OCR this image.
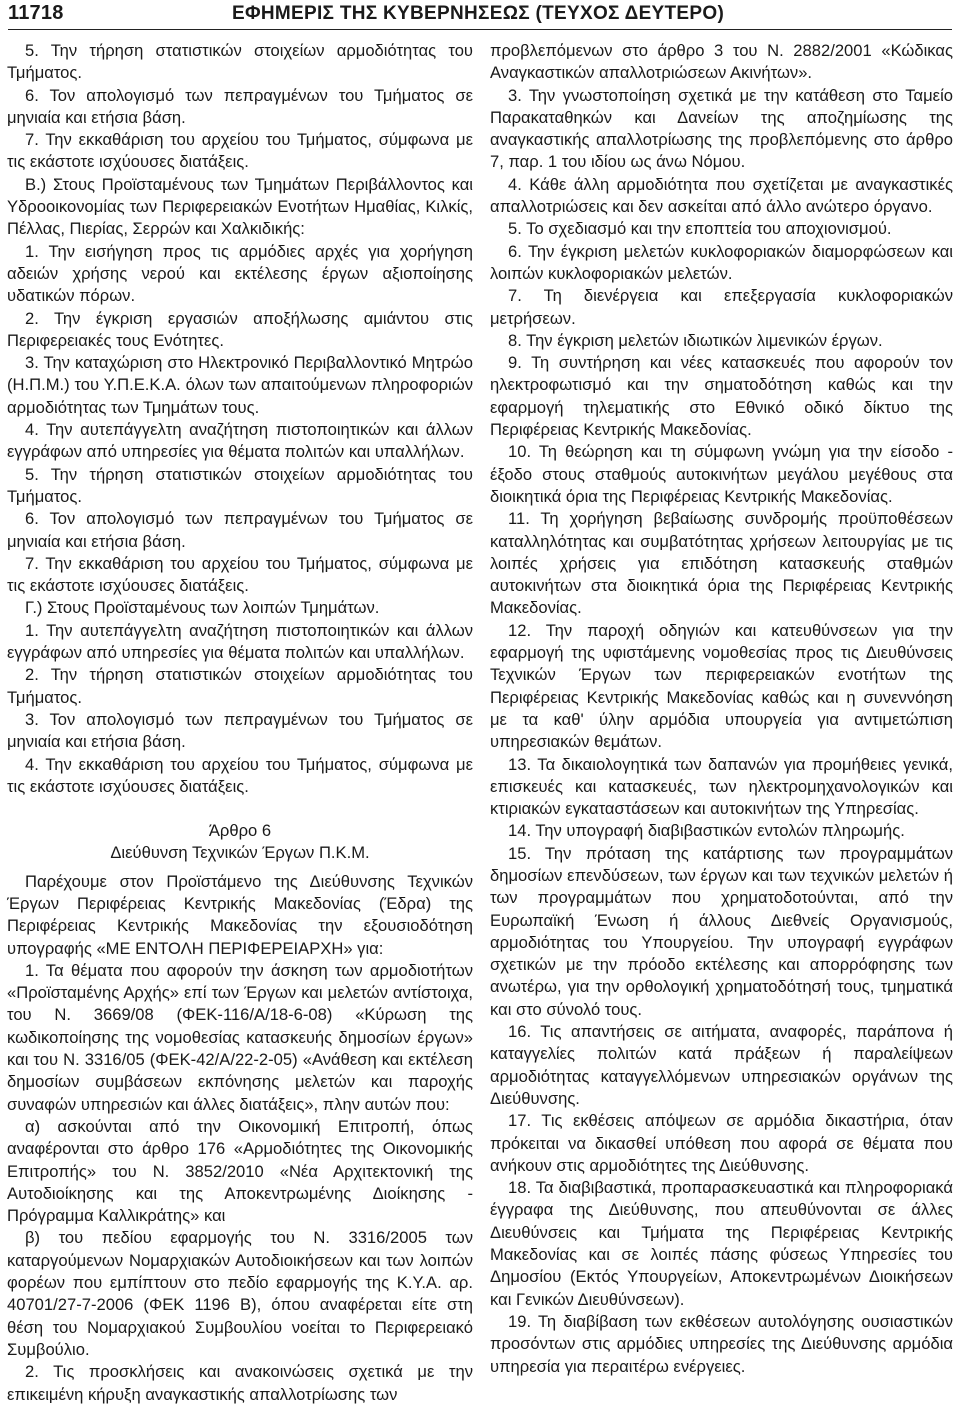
11718	ΕΦΗΜΕΡΙΣ ΤΗΣ ΚΥΒΕΡΝΗΣΕΩΣ (ΤΕΥΧΟΣ ΔΕΥΤΕΡΟ)

5. Την τήρηση στατιστικών στοιχείων αρμοδιότητας του Τμήματος.

6. Τον απολογισμό των πεπραγμένων του Τμήματος σε μηνιαία και ετήσια βάση.

7. Την εκκαθάριση του αρχείου του Τμήματος, σύμφωνα με τις εκάστοτε ισχύουσες διατάξεις.

Β.) Στους Προϊσταμένους των Τμημάτων Περιβάλλοντος και Υδροοικονομίας των Περιφερειακών Ενοτήτων Ημαθίας, Κιλκίς, Πέλλας, Πιερίας, Σερρών και Χαλκιδικής:

1. Την εισήγηση προς τις αρμόδιες αρχές για χορήγηση αδειών χρήσης νερού και εκτέλεσης έργων αξιοποίησης υδατικών πόρων.

2. Την έγκριση εργασιών αποξήλωσης αμιάντου στις Περιφερειακές τους Ενότητες.

3. Την καταχώριση στο Ηλεκτρονικό Περιβαλλοντικό Μητρώο (Η.Π.Μ.) του Υ.Π.Ε.Κ.Α. όλων των απαιτούμενων πληροφοριών αρμοδιότητας των Τμημάτων τους.

4. Την αυτεπάγγελτη αναζήτηση πιστοποιητικών και άλλων εγγράφων από υπηρεσίες για θέματα πολιτών και υπαλλήλων.

5. Την τήρηση στατιστικών στοιχείων αρμοδιότητας του Τμήματος.

6. Τον απολογισμό των πεπραγμένων του Τμήματος σε μηνιαία και ετήσια βάση.

7. Την εκκαθάριση του αρχείου του Τμήματος, σύμφωνα με τις εκάστοτε ισχύουσες διατάξεις.

Γ.) Στους Προϊσταμένους των λοιπών Τμημάτων.

1. Την αυτεπάγγελτη αναζήτηση πιστοποιητικών και άλλων εγγράφων από υπηρεσίες για θέματα πολιτών και υπαλλήλων.

2. Την τήρηση στατιστικών στοιχείων αρμοδιότητας του Τμήματος.

3. Τον απολογισμό των πεπραγμένων του Τμήματος σε μηνιαία και ετήσια βάση.

4. Την εκκαθάριση του αρχείου του Τμήματος, σύμφωνα με τις εκάστοτε ισχύουσες διατάξεις.

Άρθρο 6

Διεύθυνση Τεχνικών Έργων Π.Κ.Μ.

Παρέχουμε στον Προϊστάμενο της Διεύθυνσης Τεχνικών Έργων Περιφέρειας Κεντρικής Μακεδονίας (Έδρα) της Περιφέρειας Κεντρικής Μακεδονίας την εξουσιοδότηση υπογραφής «ΜΕ ΕΝΤΟΛΗ ΠΕΡΙΦΕΡΕΙΑΡΧΗ» για:

1. Τα θέματα που αφορούν την άσκηση των αρμοδιοτήτων «Προϊσταμένης Αρχής» επί των Έργων και μελετών αντίστοιχα, του Ν. 3669/08 (ΦΕΚ-116/Α/18-6-08) «Κύρωση της κωδικοποίησης της νομοθεσίας κατασκευής δημοσίων έργων» και του Ν. 3316/05 (ΦΕΚ-42/Α/22-2-05) «Ανάθεση και εκτέλεση δημοσίων συμβάσεων εκπόνησης μελετών και παροχής συναφών υπηρεσιών και άλλες διατάξεις», πλην αυτών που:

α) ασκούνται από την Οικονομική Επιτροπή, όπως αναφέρονται στο άρθρο 176 «Αρμοδιότητες της Οικονομικής Επιτροπής» του Ν. 3852/2010 «Νέα Αρχιτεκτονική της Αυτοδιοίκησης και της Αποκεντρωμένης Διοίκησης - Πρόγραμμα Καλλικράτης» και

β) του πεδίου εφαρμογής του Ν. 3316/2005 των καταργούμενων Νομαρχιακών Αυτοδιοικήσεων και των λοιπών φορέων που εμπίπτουν στο πεδίο εφαρμογής της Κ.Υ.Α. αρ. 40701/27-7-2006 (ΦΕΚ 1196 Β), όπου αναφέρεται είτε στη θέση του Νομαρχιακού Συμβουλίου νοείται το Περιφερειακό Συμβούλιο.

2. Τις προσκλήσεις και ανακοινώσεις σχετικά με την επικειμένη κήρυξη αναγκαστικής απαλλοτρίωσης των

προβλεπόμενων στο άρθρο 3 του Ν. 2882/2001 «Κώδικας Αναγκαστικών απαλλοτριώσεων Ακινήτων».

3. Την γνωστοποίηση σχετικά με την κατάθεση στο Ταμείο Παρακαταθηκών και Δανείων της αποζημίωσης της αναγκαστικής απαλλοτρίωσης της προβλεπόμενης στο άρθρο 7, παρ. 1 του ιδίου ως άνω Νόμου.

4. Κάθε άλλη αρμοδιότητα που σχετίζεται με αναγκαστικές απαλλοτριώσεις και δεν ασκείται από άλλο ανώτερο όργανο.

5. Το σχεδιασμό και την εποπτεία του αποχιονισμού.

6. Την έγκριση μελετών κυκλοφοριακών διαμορφώσεων και λοιπών κυκλοφοριακών μελετών.

7. Τη διενέργεια και επεξεργασία κυκλοφοριακών μετρήσεων.

8. Την έγκριση μελετών ιδιωτικών λιμενικών έργων.

9. Τη συντήρηση και νέες κατασκευές που αφορούν τον ηλεκτροφωτισμό και την σηματοδότηση καθώς και την εφαρμογή τηλεματικής στο Εθνικό οδικό δίκτυο της Περιφέρειας Κεντρικής Μακεδονίας.

10. Τη θεώρηση και τη σύμφωνη γνώμη για την είσοδο - έξοδο στους σταθμούς αυτοκινήτων μεγάλου μεγέθους στα διοικητικά όρια της Περιφέρειας Κεντρικής Μακεδονίας.

11. Τη χορήγηση βεβαίωσης συνδρομής προϋποθέσεων καταλληλότητας και συμβατότητας χρήσεων λειτουργίας με τις λοιπές χρήσεις για επιδότηση κατασκευής σταθμών αυτοκινήτων στα διοικητικά όρια της Περιφέρειας Κεντρικής Μακεδονίας.

12. Την παροχή οδηγιών και κατευθύνσεων για την εφαρμογή της υφιστάμενης νομοθεσίας προς τις Διευθύνσεις Τεχνικών Έργων των περιφερειακών ενοτήτων της Περιφέρειας Κεντρικής Μακεδονίας καθώς και η συνεννόηση με τα καθ' ύλην αρμόδια υπουργεία για αντιμετώπιση υπηρεσιακών θεμάτων.

13. Τα δικαιολογητικά των δαπανών για προμήθειες γενικά, επισκευές και κατασκευές, των ηλεκτρομηχανολογικών και κτιριακών εγκαταστάσεων και αυτοκινήτων της Υπηρεσίας.

14. Την υπογραφή διαβιβαστικών εντολών πληρωμής.

15. Την πρόταση της κατάρτισης των προγραμμάτων δημοσίων επενδύσεων, των έργων και των τεχνικών μελετών ή των προγραμμάτων που χρηματοδοτούνται, από την Ευρωπαϊκή Ένωση ή άλλους Διεθνείς Οργανισμούς, αρμοδιότητας του Υπουργείου. Την υπογραφή εγγράφων σχετικών με την πρόοδο εκτέλεσης και απορρόφησης των ανωτέρω, για την ορθολογική χρηματοδότησή τους, τμηματικά και στο σύνολό τους.

16. Τις απαντήσεις σε αιτήματα, αναφορές, παράπονα ή καταγγελίες πολιτών κατά πράξεων ή παραλείψεων αρμοδιότητας καταγγελλόμενων υπηρεσιακών οργάνων της Διεύθυνσης.

17. Τις εκθέσεις απόψεων σε αρμόδια δικαστήρια, όταν πρόκειται να δικασθεί υπόθεση που αφορά σε θέματα που ανήκουν στις αρμοδιότητες της Διεύθυνσης.

18. Τα διαβιβαστικά, προπαρασκευαστικά και πληροφοριακά έγγραφα της Διεύθυνσης, που απευθύνονται σε άλλες Διευθύνσεις και Τμήματα της Περιφέρειας Κεντρικής Μακεδονίας και σε λοιπές πάσης φύσεως Υπηρεσίες του Δημοσίου (Εκτός Υπουργείων, Αποκεντρωμένων Διοικήσεων και Γενικών Διευθύνσεων).

19. Τη διαβίβαση των εκθέσεων αυτολόγησης ουσιαστικών προσόντων στις αρμόδιες υπηρεσίες της Διεύθυνσης αρμόδια υπηρεσία για περαιτέρω ενέργειες.
